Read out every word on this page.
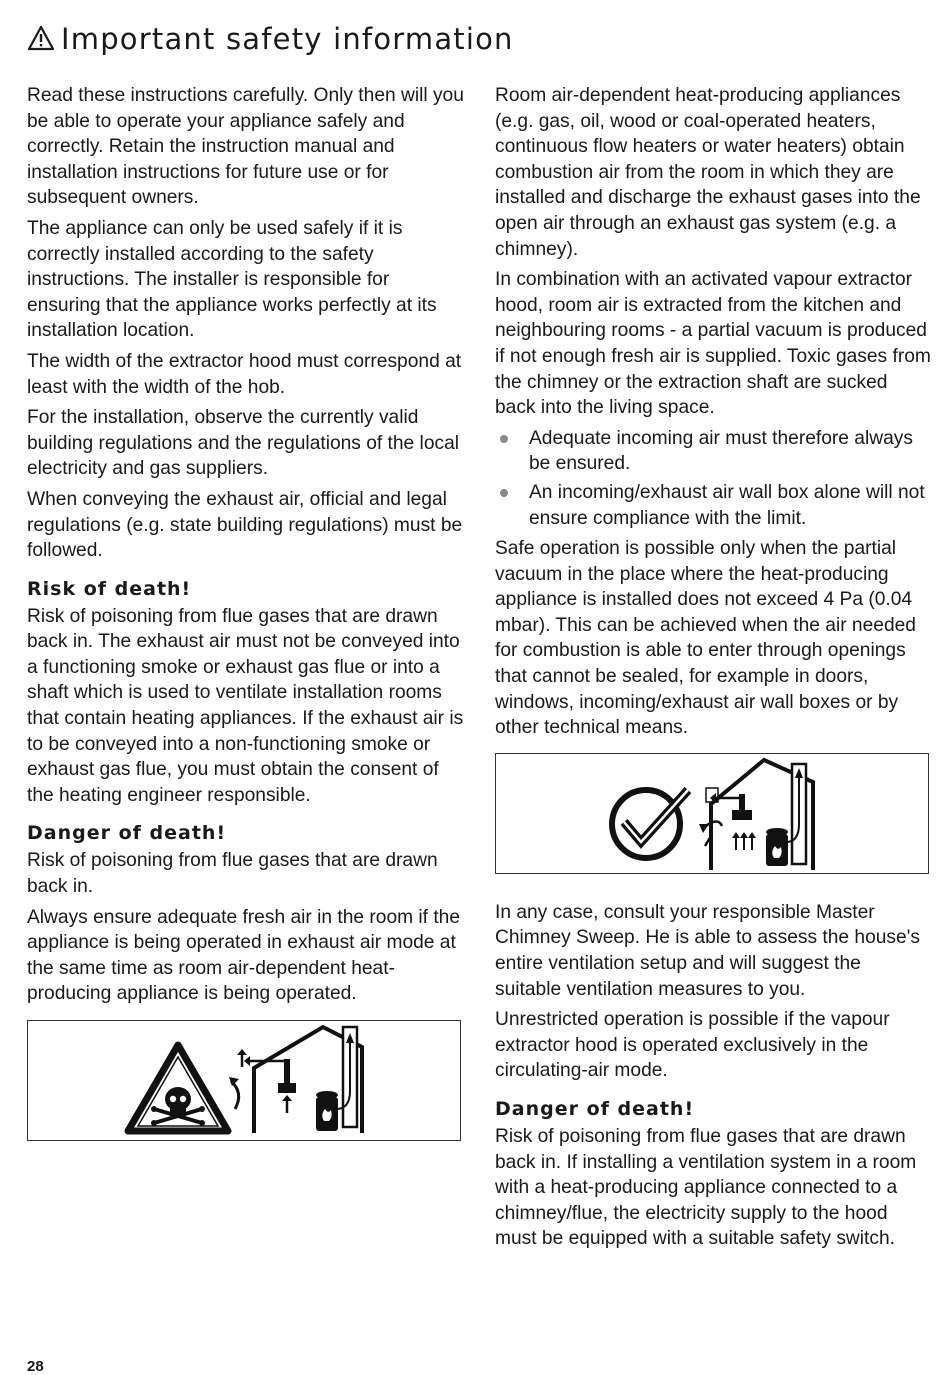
Important safety information

Read these instructions carefully. Only then will you be able to operate your appliance safely and correctly. Retain the instruction manual and installation instructions for future use or for subsequent owners.

The appliance can only be used safely if it is correctly installed according to the safety instructions. The installer is responsible for ensuring that the appliance works perfectly at its installation location.

The width of the extractor hood must correspond at least with the width of the hob.

For the installation, observe the currently valid building regulations and the regulations of the local electricity and gas suppliers.

When conveying the exhaust air, official and legal regulations (e.g. state building regulations) must be followed.

Risk of death!

Risk of poisoning from flue gases that are drawn back in. The exhaust air must not be conveyed into a functioning smoke or exhaust gas flue or into a shaft which is used to ventilate installation rooms that contain heating appliances. If the exhaust air is to be conveyed into a non-functioning smoke or exhaust gas flue, you must obtain the consent of the heating engineer responsible.

Danger of death!

Risk of poisoning from flue gases that are drawn back in.

Always ensure adequate fresh air in the room if the appliance is being operated in exhaust air mode at the same time as room air-dependent heat-producing appliance is being operated.

Room air-dependent heat-producing appliances (e.g. gas, oil, wood or coal-operated heaters, continuous flow heaters or water heaters) obtain combustion air from the room in which they are installed and discharge the exhaust gases into the open air through an exhaust gas system (e.g. a chimney).

In combination with an activated vapour extractor hood, room air is extracted from the kitchen and neighbouring rooms - a partial vacuum is produced if not enough fresh air is supplied. Toxic gases from the chimney or the extraction shaft are sucked back into the living space.

Adequate incoming air must therefore always be ensured.
An incoming/exhaust air wall box alone will not ensure compliance with the limit.

Safe operation is possible only when the partial vacuum in the place where the heat-producing appliance is installed does not exceed 4 Pa (0.04 mbar). This can be achieved when the air needed for combustion is able to enter through openings that cannot be sealed, for example in doors, windows, incoming/exhaust air wall boxes or by other technical means.

In any case, consult your responsible Master Chimney Sweep. He is able to assess the house's entire ventilation setup and will suggest the suitable ventilation measures to you.

Unrestricted operation is possible if the vapour extractor hood is operated exclusively in the circulating-air mode.

Danger of death!

Risk of poisoning from flue gases that are drawn back in. If installing a ventilation system in a room with a heat-producing appliance connected to a chimney/flue, the electricity supply to the hood must be equipped with a suitable safety switch.

28
